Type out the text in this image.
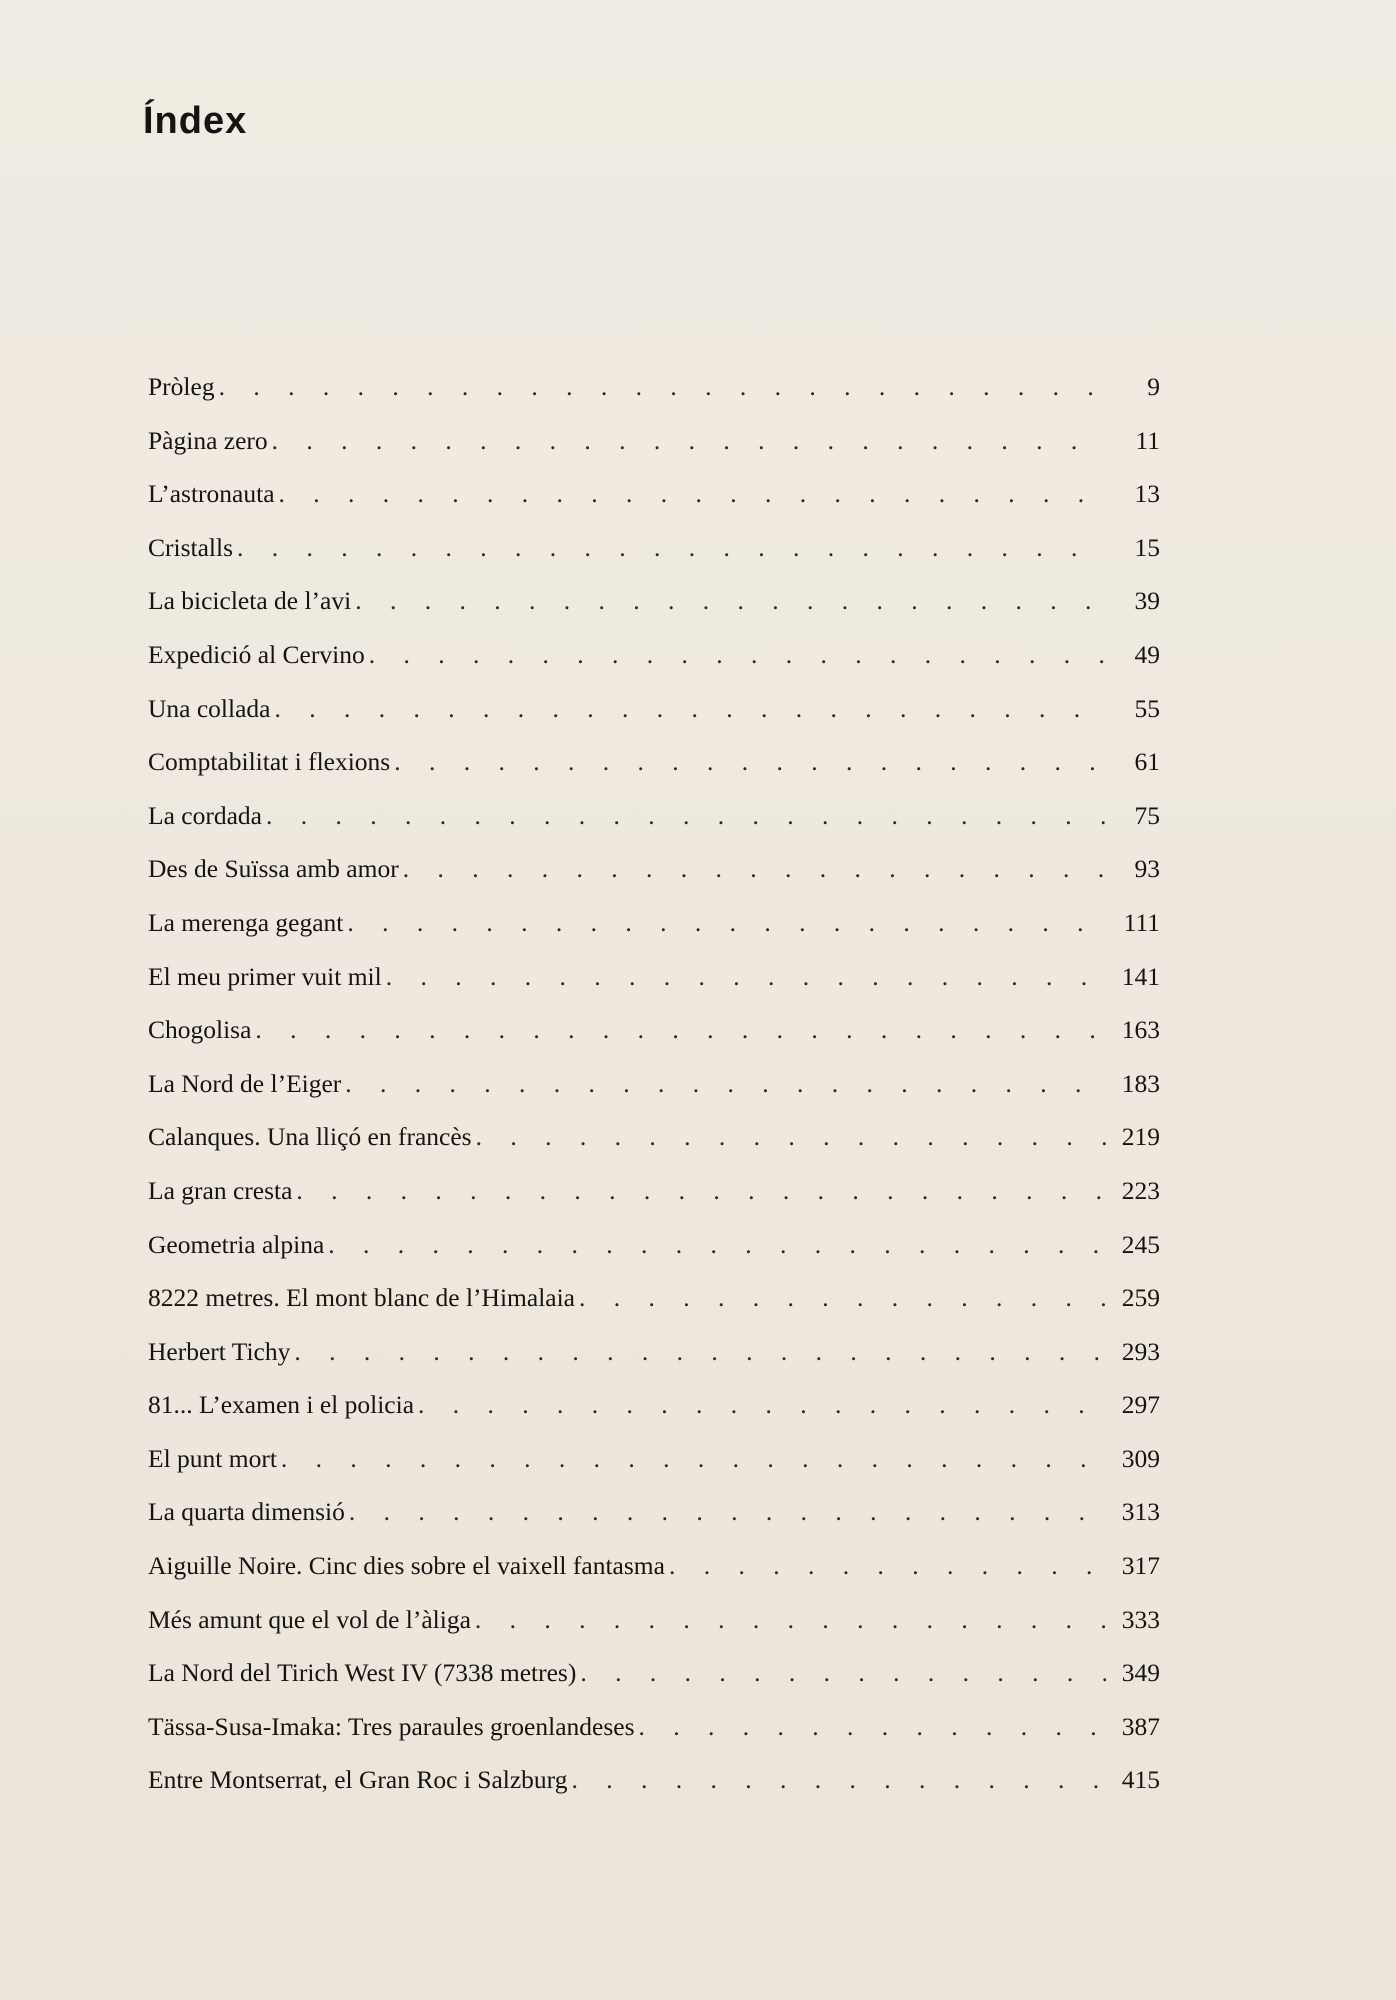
Índex
Pròleg . . .	9
Pàgina zero . . .	11
L’astronauta . . .	13
Cristalls . . .	15
La bicicleta de l’avi . . .	39
Expedició al Cervino . . .	49
Una collada . . .	55
Comptabilitat i flexions . . .	61
La cordada . . .	75
Des de Suïssa amb amor . . .	93
La merenga gegant . . .	111
El meu primer vuit mil . . .	141
Chogolisa . . .	163
La Nord de l’Eiger . . .	183
Calanques. Una lliçó en francès . . .	219
La gran cresta . . .	223
Geometria alpina . . .	245
8222 metres. El mont blanc de l’Himalaia . . .	259
Herbert Tichy . . .	293
81... L’examen i el policia . . .	297
El punt mort . . .	309
La quarta dimensió . . .	313
Aiguille Noire. Cinc dies sobre el vaixell fantasma . . .	317
Més amunt que el vol de l’àliga . . .	333
La Nord del Tirich West IV (7338 metres) . . .	349
Tässa-Susa-Imaka: Tres paraules groenlandeses . . .	387
Entre Montserrat, el Gran Roc i Salzburg . . .	415
